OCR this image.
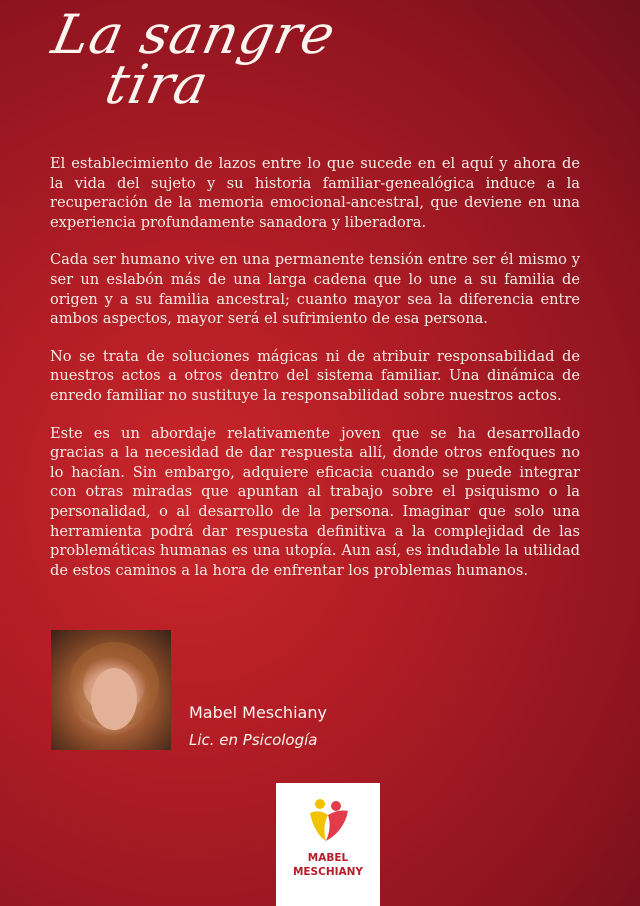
La sangre
tira

El establecimiento de lazos entre lo que sucede en el aquí y ahora de la vida del sujeto y su historia familiar-genealógica induce a la recuperación de la memoria emocional-ancestral, que deviene en una experiencia profundamente sanadora y liberadora.

Cada ser humano vive en una permanente tensión entre ser él mismo y ser un eslabón más de una larga cadena que lo une a su familia de origen y a su familia ancestral; cuanto mayor sea la diferencia entre ambos aspectos, mayor será el sufrimiento de esa persona.

No se trata de soluciones mágicas ni de atribuir responsabilidad de nuestros actos a otros dentro del sistema familiar. Una dinámica de enredo familiar no sustituye la responsabilidad sobre nuestros actos.

Este es un abordaje relativamente joven que se ha desarrollado gracias a la necesidad de dar respuesta allí, donde otros enfoques no lo hacían. Sin embargo, adquiere eficacia cuando se puede integrar con otras miradas que apuntan al trabajo sobre el psiquismo o la personalidad, o al desarrollo de la persona. Imaginar que solo una herramienta podrá dar respuesta definitiva a la complejidad de las problemáticas humanas es una utopía. Aun así, es indudable la utilidad de estos caminos a la hora de enfrentar los problemas humanos.

Mabel Meschiany
Lic. en Psicología
MABEL
MESCHIANY
